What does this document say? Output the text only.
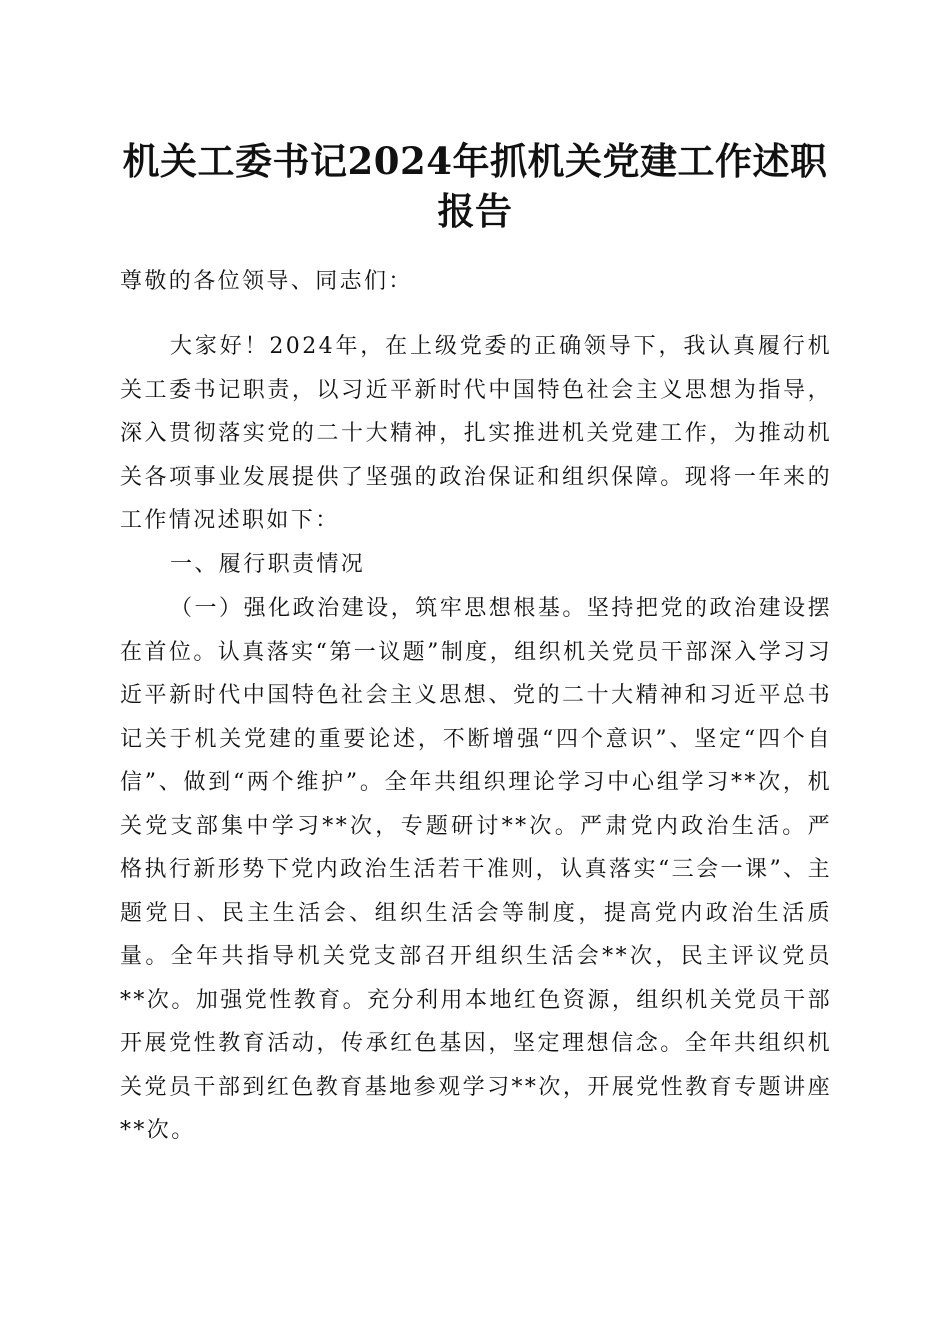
机关工委书记2024年抓机关党建工作述职报告

尊敬的各位领导、同志们：

大家好！2024年，在上级党委的正确领导下，我认真履行机关工委书记职责，以习近平新时代中国特色社会主义思想为指导，深入贯彻落实党的二十大精神，扎实推进机关党建工作，为推动机关各项事业发展提供了坚强的政治保证和组织保障。现将一年来的工作情况述职如下：

一、履行职责情况

（一）强化政治建设，筑牢思想根基。坚持把党的政治建设摆在首位。认真落实“第一议题”制度，组织机关党员干部深入学习习近平新时代中国特色社会主义思想、党的二十大精神和习近平总书记关于机关党建的重要论述，不断增强“四个意识”、坚定“四个自信”、做到“两个维护”。全年共组织理论学习中心组学习**次，机关党支部集中学习**次，专题研讨**次。严肃党内政治生活。严格执行新形势下党内政治生活若干准则，认真落实“三会一课”、主题党日、民主生活会、组织生活会等制度，提高党内政治生活质量。全年共指导机关党支部召开组织生活会**次，民主评议党员**次。加强党性教育。充分利用本地红色资源，组织机关党员干部开展党性教育活动，传承红色基因，坚定理想信念。全年共组织机关党员干部到红色教育基地参观学习**次，开展党性教育专题讲座**次。
